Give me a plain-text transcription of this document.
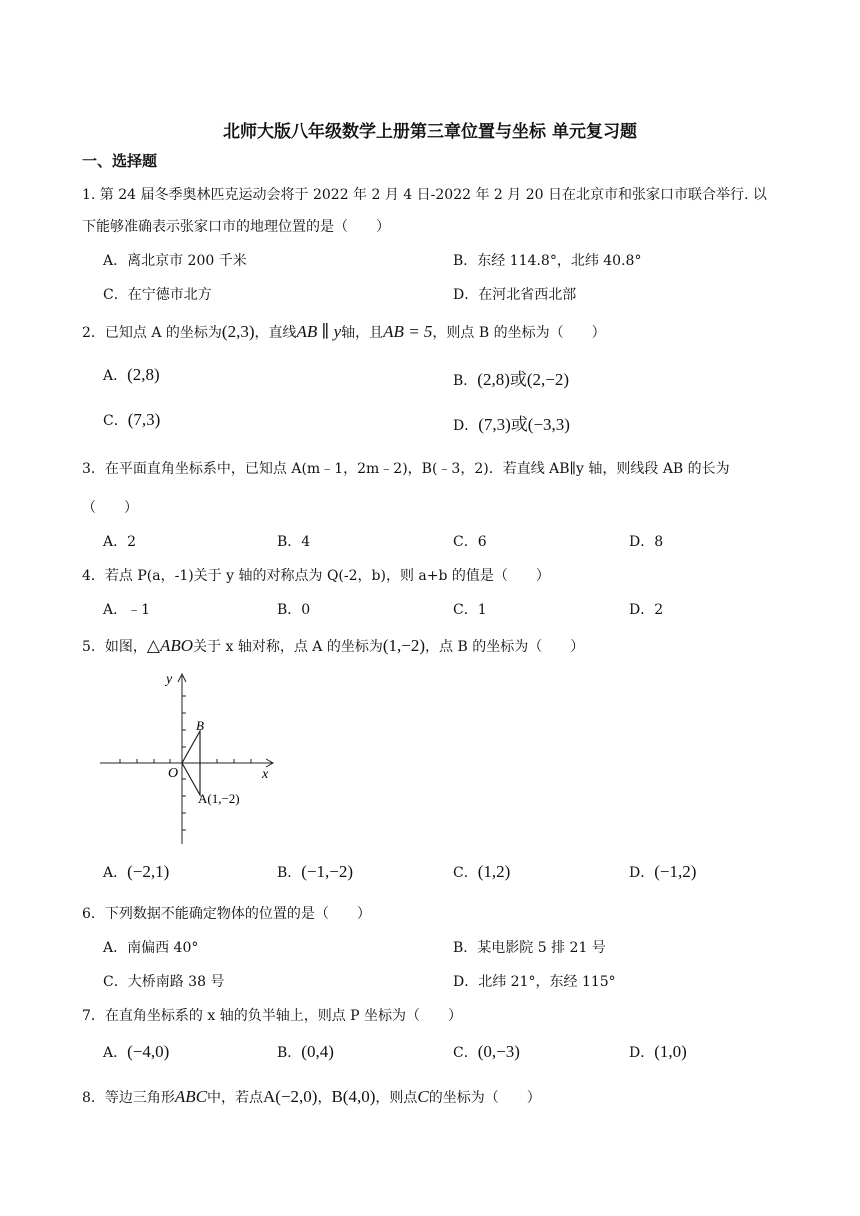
北师大版八年级数学上册第三章位置与坐标 单元复习题
一、选择题
1. 第 24 届冬季奥林匹克运动会将于 2022 年 2 月 4 日-2022 年 2 月 20 日在北京市和张家口市联合举行. 以
下能够准确表示张家口市的地理位置的是（　　）
A．离北京市 200 千米	B．东经 114.8°，北纬 40.8°
C．在宁德市北方	D．在河北省西北部
2．已知点 A 的坐标为(2,3)，直线AB ∥ y轴，且AB = 5，则点 B 的坐标为（　　）
A．(2,8)	B．(2,8)或(2,−2)
C．(7,3)	D．(7,3)或(−3,3)
3．在平面直角坐标系中，已知点 A(m﹣1，2m﹣2)，B(﹣3，2)．若直线 AB∥y 轴，则线段 AB 的长为
（　　）
A．2	B．4	C．6	D．8
4．若点 P(a，-1)关于 y 轴的对称点为 Q(-2，b)，则 a+b 的值是（　　）
A．﹣1	B．0	C．1	D．2
5．如图，△ABO关于 x 轴对称，点 A 的坐标为(1,−2)，点 B 的坐标为（　　）
y
x
O
B
A(1,−2)
A．(−2,1)	B．(−1,−2)	C．(1,2)	D．(−1,2)
6．下列数据不能确定物体的位置的是（　　）
A．南偏西 40°	B．某电影院 5 排 21 号
C．大桥南路 38 号	D．北纬 21°，东经 115°
7．在直角坐标系的 x 轴的负半轴上，则点 P 坐标为（　　）
A．(−4,0)	B．(0,4)	C．(0,−3)	D．(1,0)
8．等边三角形ABC中，若点A(−2,0)，B(4,0)，则点C的坐标为（　　）
